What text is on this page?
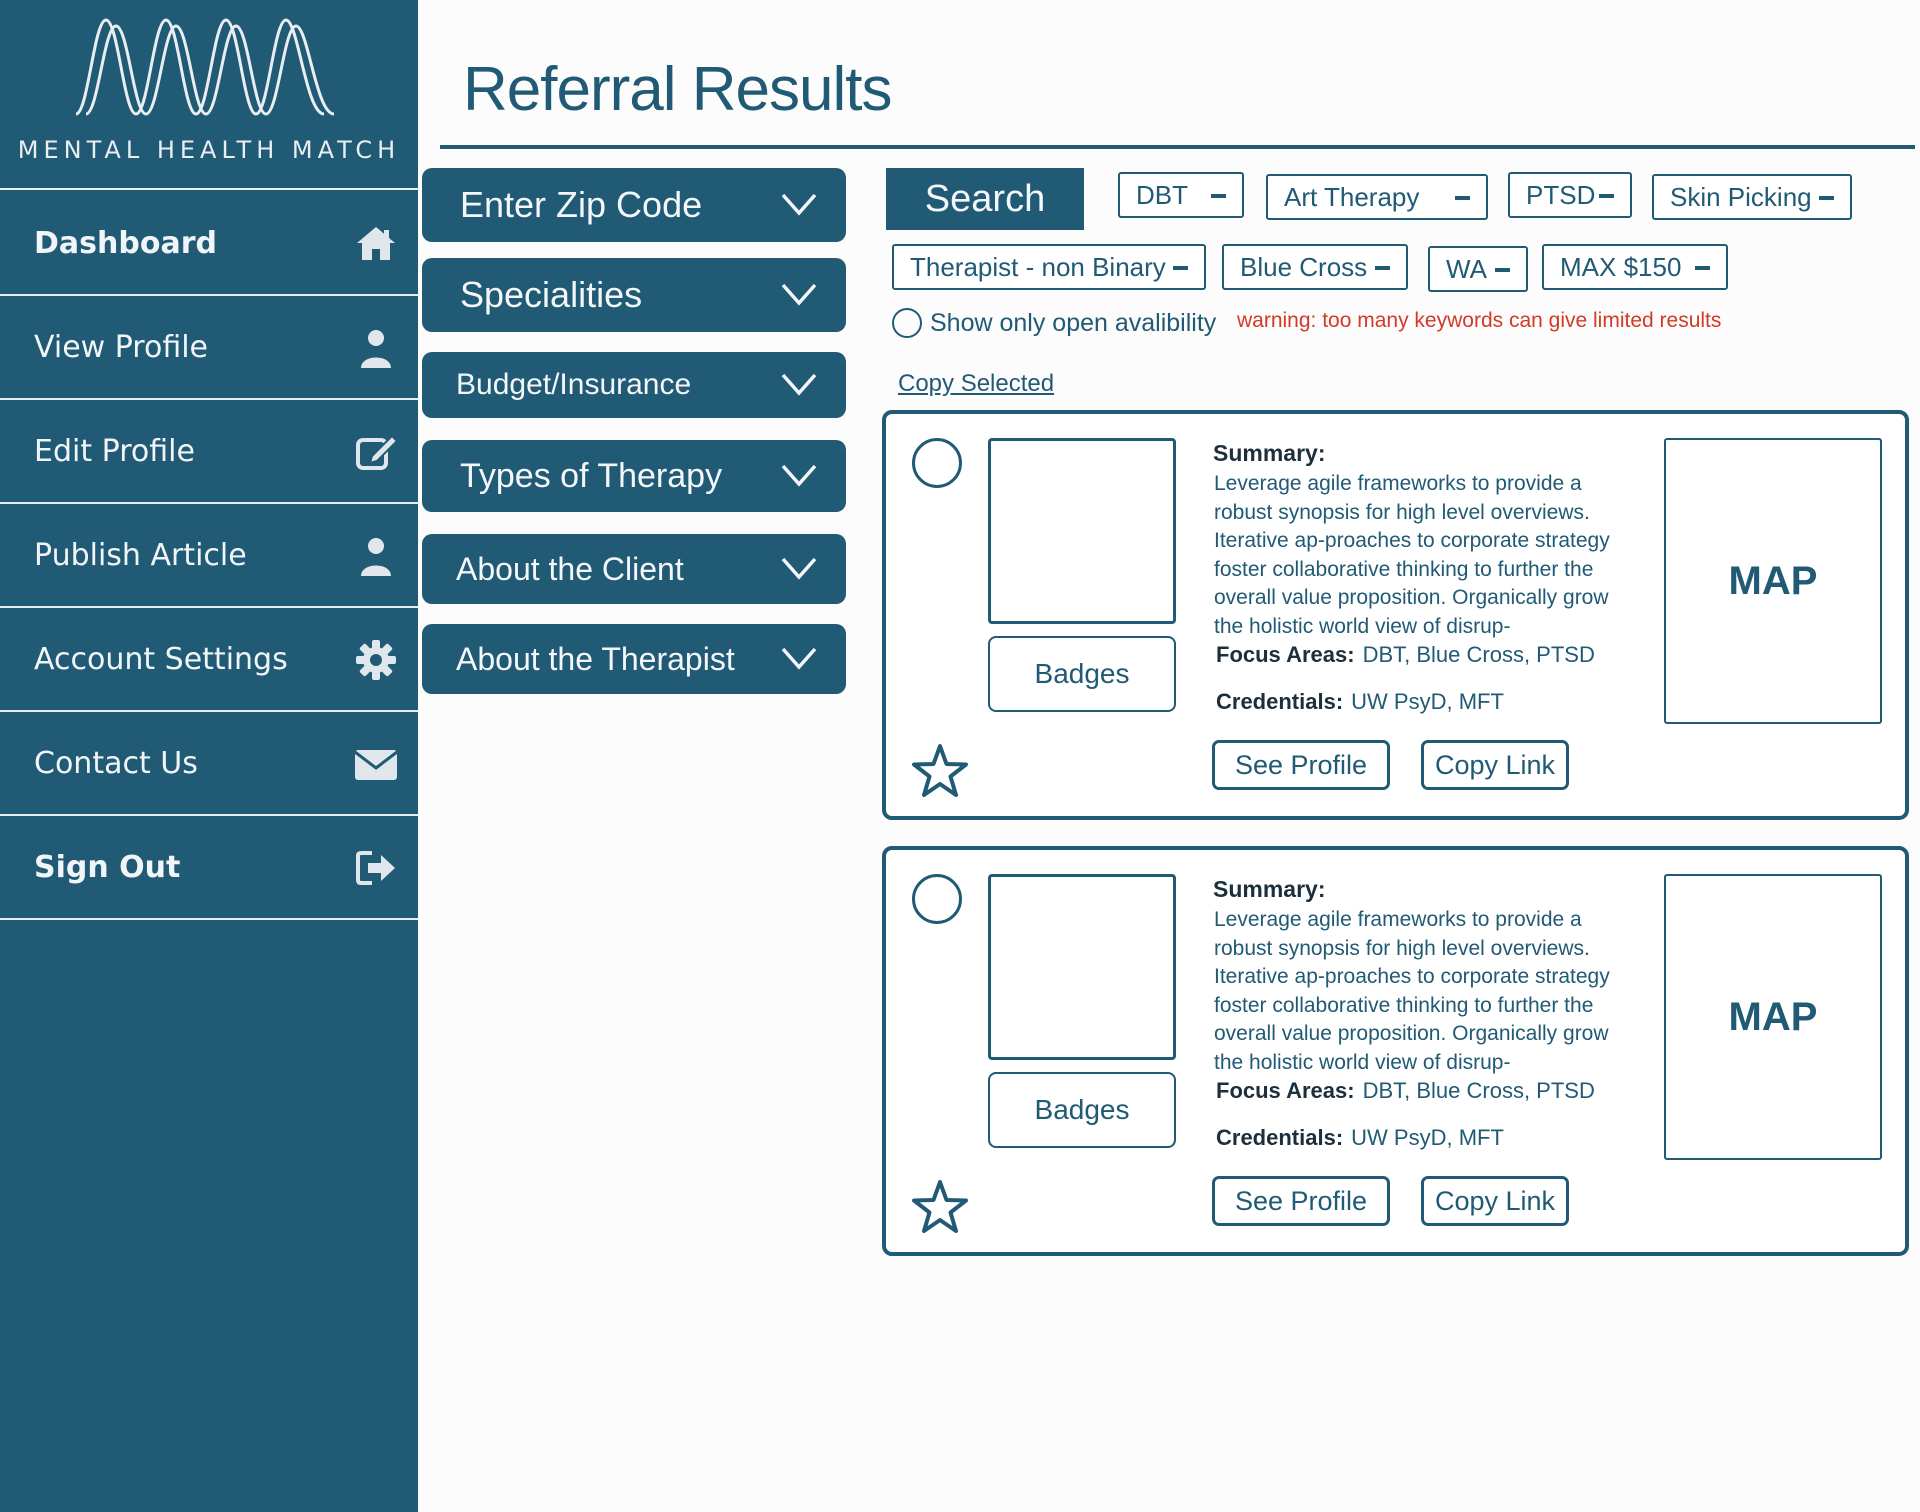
MENTAL HEALTH MATCH
Dashboard
View Profile
Edit Profile
Publish Article
Account Settings
Contact Us
Sign Out
Referral Results
Enter Zip Code
Specialities
Budget/Insurance
Types of Therapy
About the Client
About the Therapist
Search	DBT	Art Therapy	PTSD	Skin Picking
Therapist - non Binary	Blue Cross	WA	MAX $150
Show only open avalibility warning: too many keywords can give limited results
Copy Selected
Badges
Summary:
Leverage agile frameworks to provide a robust synopsis for high level overviews. Iterative ap-proaches to corporate strategy foster collaborative thinking to further the overall value proposition. Organically grow the holistic world view of disrup-
Focus Areas: DBT, Blue Cross, PTSD
Credentials: UW PsyD, MFT
See Profile	Copy Link
MAP
Badges
Summary:
Leverage agile frameworks to provide a robust synopsis for high level overviews. Iterative ap-proaches to corporate strategy foster collaborative thinking to further the overall value proposition. Organically grow the holistic world view of disrup-
Focus Areas: DBT, Blue Cross, PTSD
Credentials: UW PsyD, MFT
See Profile	Copy Link
MAP
